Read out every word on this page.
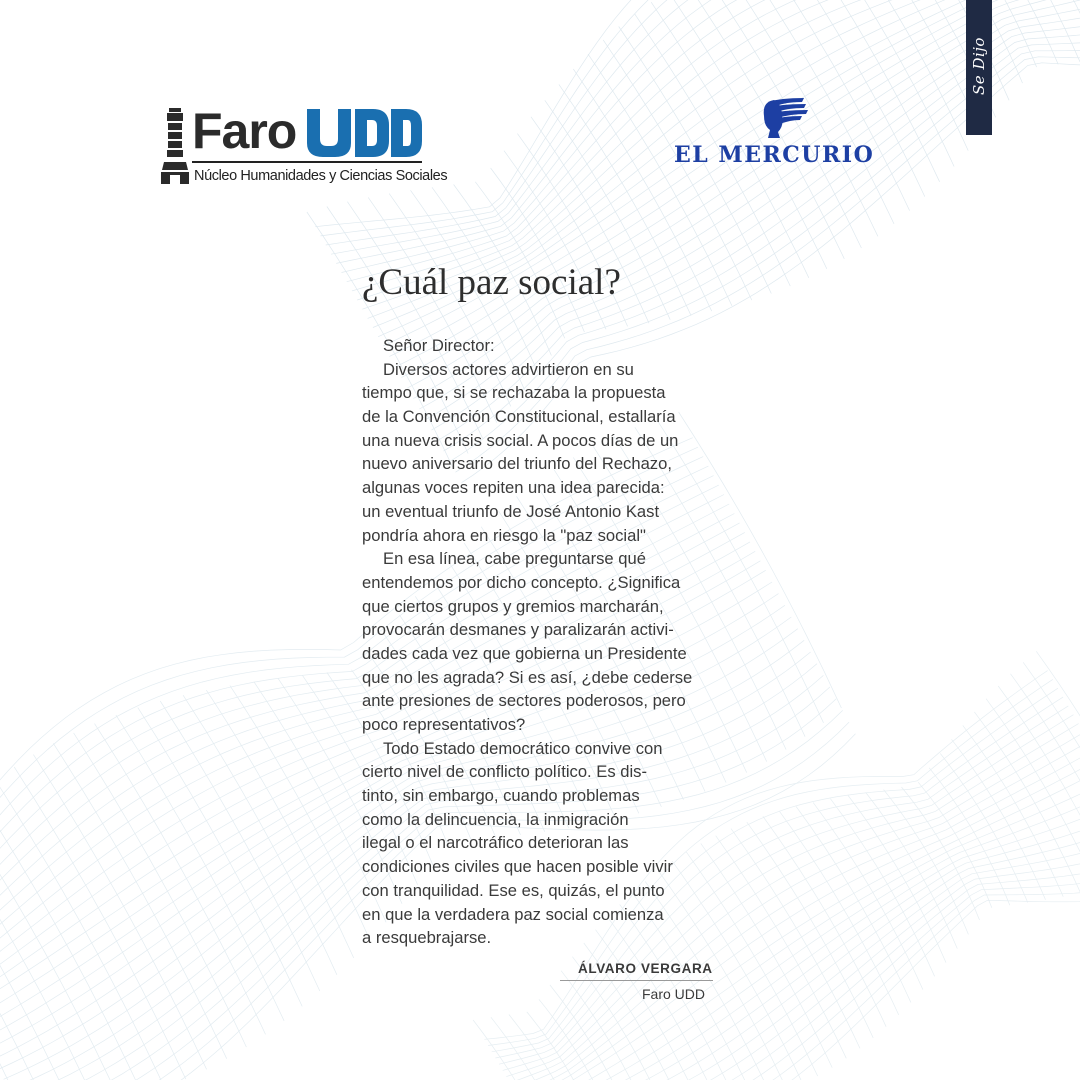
Se Dijo
Faro
Núcleo Humanidades y Ciencias Sociales
EL MERCURIO
¿Cuál paz social?
Señor Director:
Diversos actores advirtieron en su
tiempo que, si se rechazaba la propuesta
de la Convención Constitucional, estallaría
una nueva crisis social. A pocos días de un
nuevo aniversario del triunfo del Rechazo,
algunas voces repiten una idea parecida:
un eventual triunfo de José Antonio Kast
pondría ahora en riesgo la "paz social"
En esa línea, cabe preguntarse qué
entendemos por dicho concepto. ¿Significa
que ciertos grupos y gremios marcharán,
provocarán desmanes y paralizarán activi-
dades cada vez que gobierna un Presidente
que no les agrada? Si es así, ¿debe cederse
ante presiones de sectores poderosos, pero
poco representativos?
Todo Estado democrático convive con
cierto nivel de conflicto político. Es dis-
tinto, sin embargo, cuando problemas
como la delincuencia, la inmigración
ilegal o el narcotráfico deterioran las
condiciones civiles que hacen posible vivir
con tranquilidad. Ese es, quizás, el punto
en que la verdadera paz social comienza
a resquebrajarse.
ÁLVARO VERGARA
Faro UDD
